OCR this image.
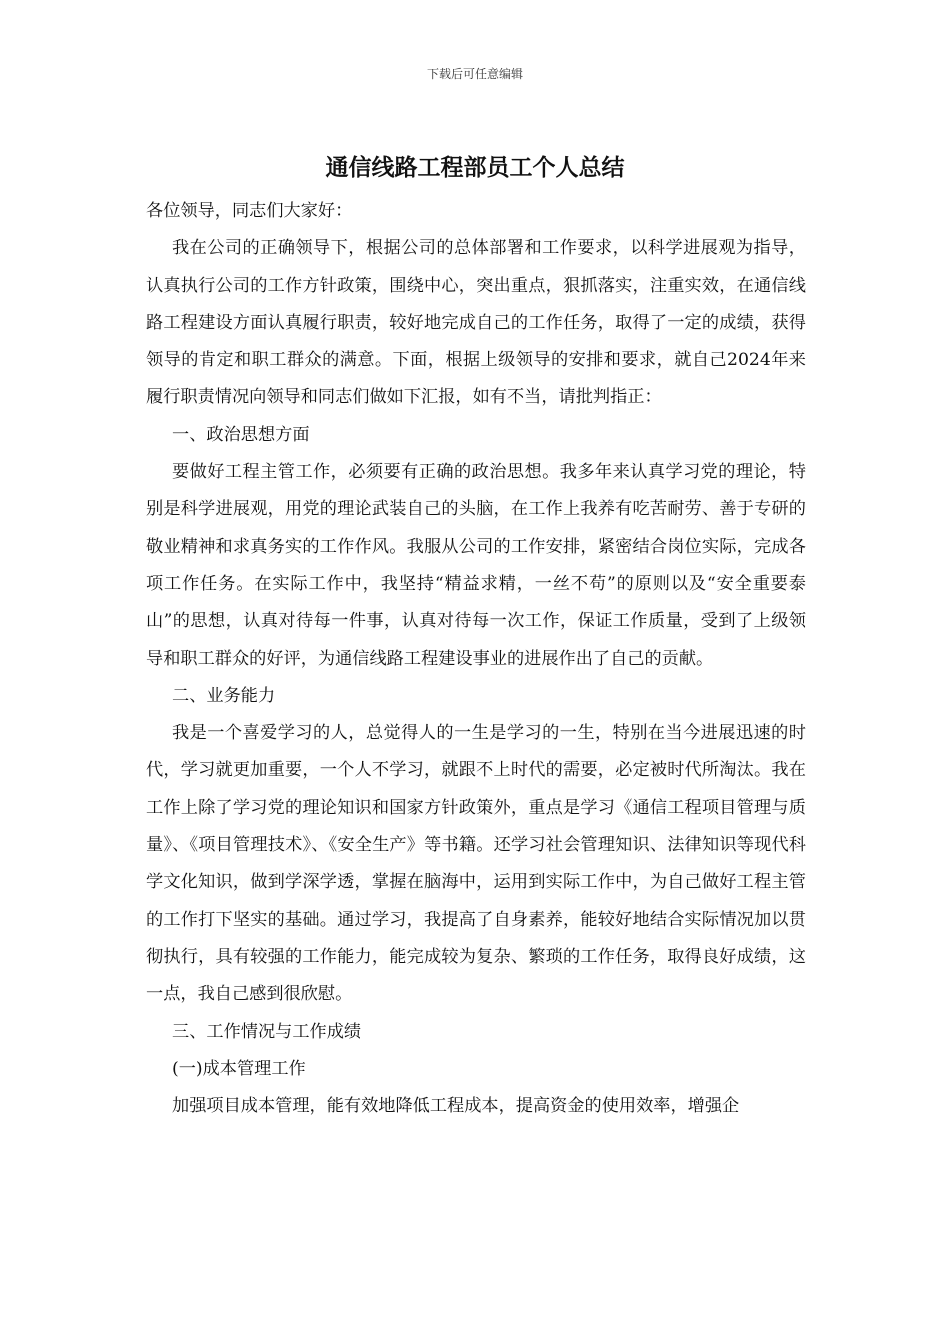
下载后可任意编辑
通信线路工程部员工个人总结

各位领导，同志们大家好：

我在公司的正确领导下，根据公司的总体部署和工作要求，以科学进展观为指导，认真执行公司的工作方针政策，围绕中心，突出重点，狠抓落实，注重实效，在通信线路工程建设方面认真履行职责，较好地完成自己的工作任务，取得了一定的成绩，获得领导的肯定和职工群众的满意。下面，根据上级领导的安排和要求，就自己2024年来履行职责情况向领导和同志们做如下汇报，如有不当，请批判指正：

一、政治思想方面

要做好工程主管工作，必须要有正确的政治思想。我多年来认真学习党的理论，特别是科学进展观，用党的理论武装自己的头脑，在工作上我养有吃苦耐劳、善于专研的敬业精神和求真务实的工作作风。我服从公司的工作安排，紧密结合岗位实际，完成各项工作任务。在实际工作中，我坚持“精益求精，一丝不苟”的原则以及“安全重要泰山”的思想，认真对待每一件事，认真对待每一次工作，保证工作质量，受到了上级领导和职工群众的好评，为通信线路工程建设事业的进展作出了自己的贡献。

二、业务能力

我是一个喜爱学习的人，总觉得人的一生是学习的一生，特别在当今进展迅速的时代，学习就更加重要，一个人不学习，就跟不上时代的需要，必定被时代所淘汰。我在工作上除了学习党的理论知识和国家方针政策外，重点是学习《通信工程项目管理与质量》、《项目管理技术》、《安全生产》等书籍。还学习社会管理知识、法律知识等现代科学文化知识，做到学深学透，掌握在脑海中，运用到实际工作中，为自己做好工程主管的工作打下坚实的基础。通过学习，我提高了自身素养，能较好地结合实际情况加以贯彻执行，具有较强的工作能力，能完成较为复杂、繁琐的工作任务，取得良好成绩，这一点，我自己感到很欣慰。

三、工作情况与工作成绩

(一)成本管理工作

加强项目成本管理，能有效地降低工程成本，提高资金的使用效率，增强企
